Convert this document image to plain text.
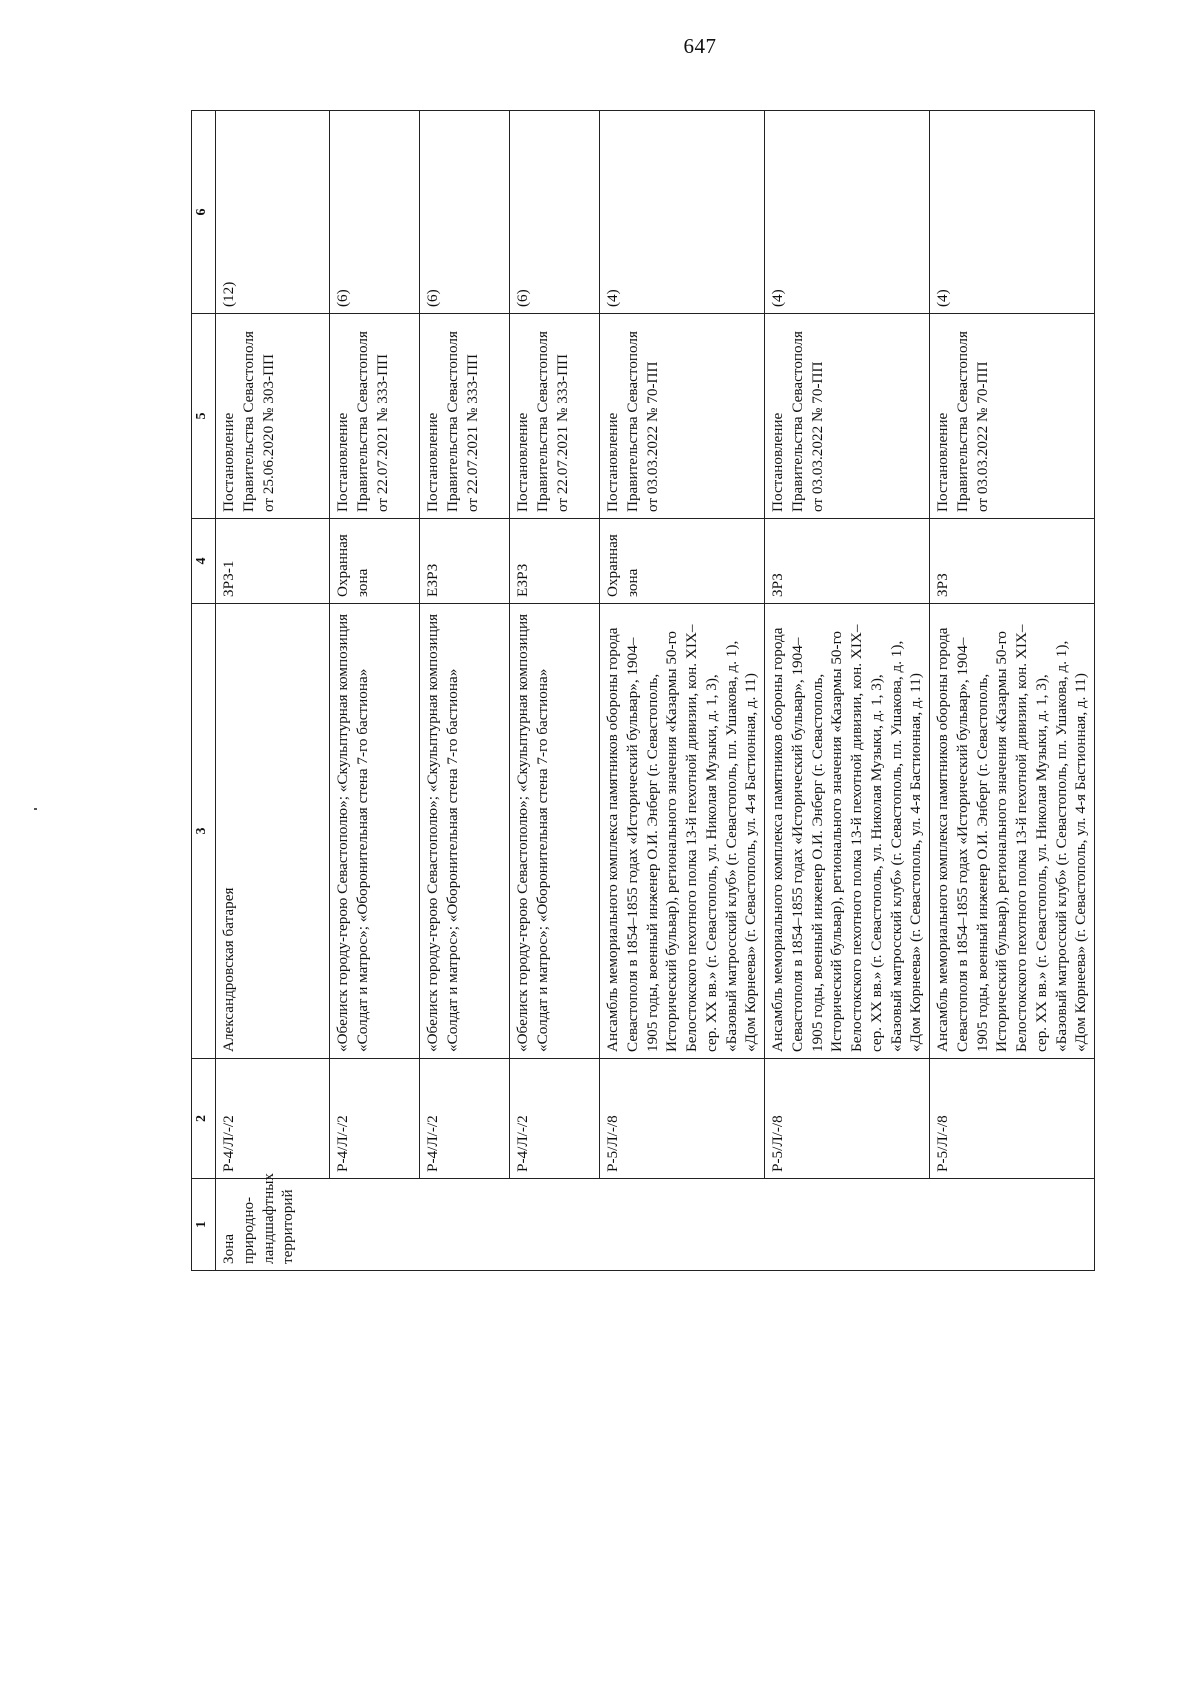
647
1	2	3	4	5	6
Зона природно-ландшафтных территорий	Р-4/Л/-/2	Александровская батарея	ЗРЗ-1	Постановление Правительства Севастополя от 25.06.2020 № 303-ПП	(12)
	Р-4/Л/-/2	«Обелиск городу-герою Севастополю»; «Скульптурная композиция «Солдат и матрос»; «Оборонительная стена 7-го бастиона»	Охранная зона	Постановление Правительства Севастополя от 22.07.2021 № 333-ПП	(6)
	Р-4/Л/-/2	«Обелиск городу-герою Севастополю»; «Скульптурная композиция «Солдат и матрос»; «Оборонительная стена 7-го бастиона»	ЕЗРЗ	Постановление Правительства Севастополя от 22.07.2021 № 333-ПП	(6)
	Р-4/Л/-/2	«Обелиск городу-герою Севастополю»; «Скульптурная композиция «Солдат и матрос»; «Оборонительная стена 7-го бастиона»	ЕЗРЗ	Постановление Правительства Севастополя от 22.07.2021 № 333-ПП	(6)
	Р-5/Л/-/8	Ансамбль мемориального комплекса памятников обороны города Севастополя в 1854–1855 годах «Исторический бульвар», 1904–1905 годы, военный инженер О.И. Энберг (г. Севастополь, Исторический бульвар), регионального значения «Казармы 50-го Белостокского пехотного полка 13-й пехотной дивизии, кон. XIX–сер. XX вв.» (г. Севастополь, ул. Николая Музыки, д. 1, 3), «Базовый матросский клуб» (г. Севастополь, пл. Ушакова, д. 1), «Дом Корнеева» (г. Севастополь, ул. 4-я Бастионная, д. 11)	Охранная зона	Постановление Правительства Севастополя от 03.03.2022 № 70-ПП	(4)
	Р-5/Л/-/8	Ансамбль мемориального комплекса памятников обороны города Севастополя в 1854–1855 годах «Исторический бульвар», 1904–1905 годы, военный инженер О.И. Энберг (г. Севастополь, Исторический бульвар), регионального значения «Казармы 50-го Белостокского пехотного полка 13-й пехотной дивизии, кон. XIX–сер. XX вв.» (г. Севастополь, ул. Николая Музыки, д. 1, 3), «Базовый матросский клуб» (г. Севастополь, пл. Ушакова, д. 1), «Дом Корнеева» (г. Севастополь, ул. 4-я Бастионная, д. 11)	ЗРЗ	Постановление Правительства Севастополя от 03.03.2022 № 70-ПП	(4)
	Р-5/Л/-/8	Ансамбль мемориального комплекса памятников обороны города Севастополя в 1854–1855 годах «Исторический бульвар», 1904–1905 годы, военный инженер О.И. Энберг (г. Севастополь, Исторический бульвар), регионального значения «Казармы 50-го Белостокского пехотного полка 13-й пехотной дивизии, кон. XIX–сер. XX вв.» (г. Севастополь, ул. Николая Музыки, д. 1, 3), «Базовый матросский клуб» (г. Севастополь, пл. Ушакова, д. 1), «Дом Корнеева» (г. Севастополь, ул. 4-я Бастионная, д. 11)	ЗРЗ	Постановление Правительства Севастополя от 03.03.2022 № 70-ПП	(4)
